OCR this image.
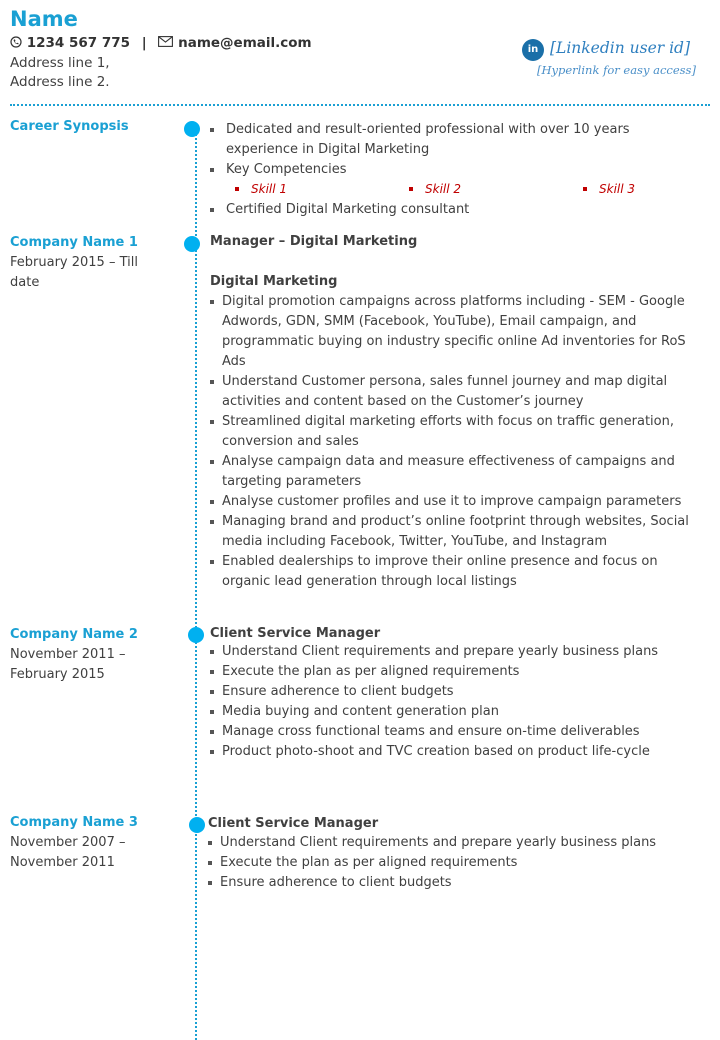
Name
1234 567 775 | name@email.com
Address line 1,
Address line 2.
in [Linkedin user id]
[Hyperlink for easy access]
Career Synopsis	Dedicated and result-oriented professional with over 10 years experience in Digital Marketing
Key Competencies
Certified Digital Marketing consultant
Skill 1	Skill 2	Skill 3
Company Name 1
February 2015 – Till date
Manager – Digital Marketing
Digital Marketing
Digital promotion campaigns across platforms including - SEM - Google Adwords, GDN, SMM (Facebook, YouTube), Email campaign, and programmatic buying on industry specific online Ad inventories for RoS Ads
Understand Customer persona, sales funnel journey and map digital activities and content based on the Customer’s journey
Streamlined digital marketing efforts with focus on traffic generation, conversion and sales
Analyse campaign data and measure effectiveness of campaigns and targeting parameters
Analyse customer profiles and use it to improve campaign parameters
Managing brand and product’s online footprint through websites, Social media including Facebook, Twitter, YouTube, and Instagram
Enabled dealerships to improve their online presence and focus on organic lead generation through local listings
Company Name 2
November 2011 – February 2015
Client Service Manager
Understand Client requirements and prepare yearly business plans
Execute the plan as per aligned requirements
Ensure adherence to client budgets
Media buying and content generation plan
Manage cross functional teams and ensure on-time deliverables
Product photo-shoot and TVC creation based on product life-cycle
Company Name 3
November 2007 – November 2011
Client Service Manager
Understand Client requirements and prepare yearly business plans
Execute the plan as per aligned requirements
Ensure adherence to client budgets
